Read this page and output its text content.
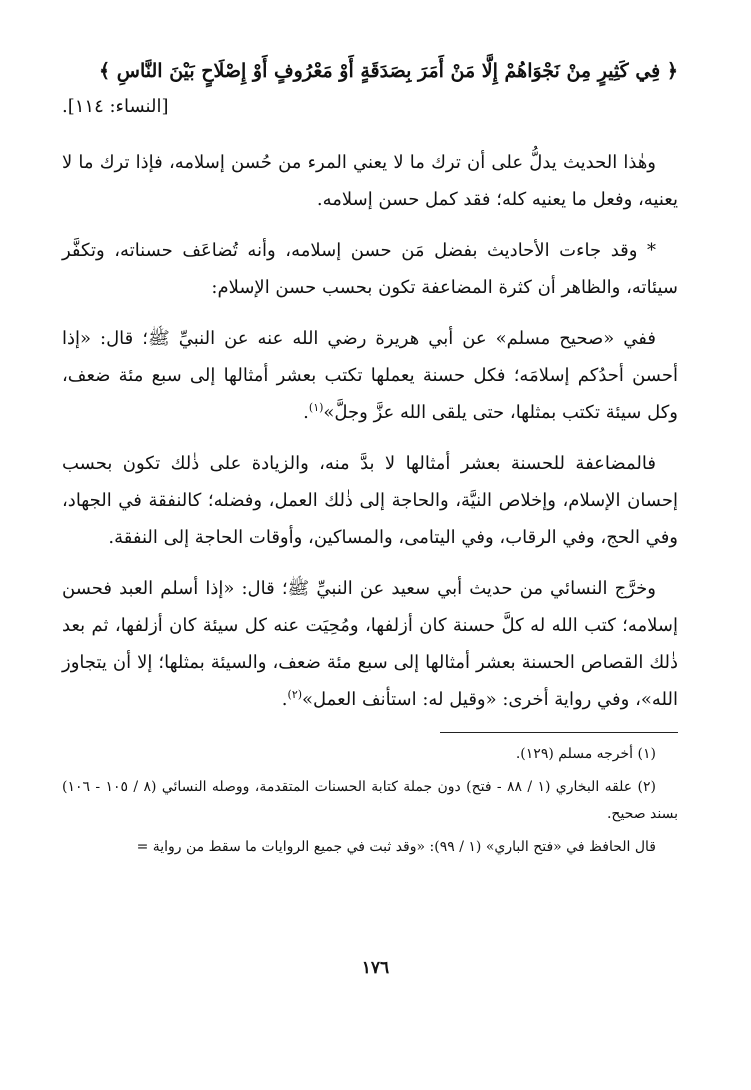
﴿ فِي كَثِيرٍ مِنْ نَجْوَاهُمْ إِلَّا مَنْ أَمَرَ بِصَدَقَةٍ أَوْ مَعْرُوفٍ أَوْ إِصْلَاحٍ بَيْنَ النَّاسِ ﴾

[النساء: ١١٤].

وهٰذا الحديث يدلُّ على أن ترك ما لا يعني المرء من حُسن إسلامه، فإذا ترك ما لا يعنيه، وفعل ما يعنيه كله؛ فقد كمل حسن إسلامه.

* وقد جاءت الأحاديث بفضل مَن حسن إسلامه، وأنه تُضاعَف حسناته، وتكفَّر سيئاته، والظاهر أن كثرة المضاعفة تكون بحسب حسن الإسلام:

ففي «صحيح مسلم» عن أبي هريرة رضي الله عنه عن النبيِّ ﷺ؛ قال: «إذا أحسن أحدُكم إسلامَه؛ فكل حسنة يعملها تكتب بعشر أمثالها إلى سبع مئة ضعف، وكل سيئة تكتب بمثلها، حتى يلقى الله عزَّ وجلَّ»$^{(١)}$.

فالمضاعفة للحسنة بعشر أمثالها لا بدَّ منه، والزيادة على ذٰلك تكون بحسب إحسان الإسلام، وإخلاص النيَّة، والحاجة إلى ذٰلك العمل، وفضله؛ كالنفقة في الجهاد، وفي الحج، وفي الرقاب، وفي اليتامى، والمساكين، وأوقات الحاجة إلى النفقة.

وخرَّج النسائي من حديث أبي سعيد عن النبيِّ ﷺ؛ قال: «إذا أسلم العبد فحسن إسلامه؛ كتب الله له كلَّ حسنة كان أزلفها، ومُحِيَت عنه كل سيئة كان أزلفها، ثم بعد ذٰلك القصاص الحسنة بعشر أمثالها إلى سبع مئة ضعف، والسيئة بمثلها؛ إلا أن يتجاوز الله»، وفي رواية أخرى: «وقيل له: استأنف العمل»$^{(٢)}$.

(١) أخرجه مسلم (١٢٩).

(٢) علقه البخاري (١ / ٨٨ - فتح) دون جملة كتابة الحسنات المتقدمة، ووصله النسائي (٨ / ١٠٥ - ١٠٦) بسند صحيح.

قال الحافظ في «فتح الباري» (١ / ٩٩): «وقد ثبت في جميع الروايات ما سقط من رواية =

١٧٦
